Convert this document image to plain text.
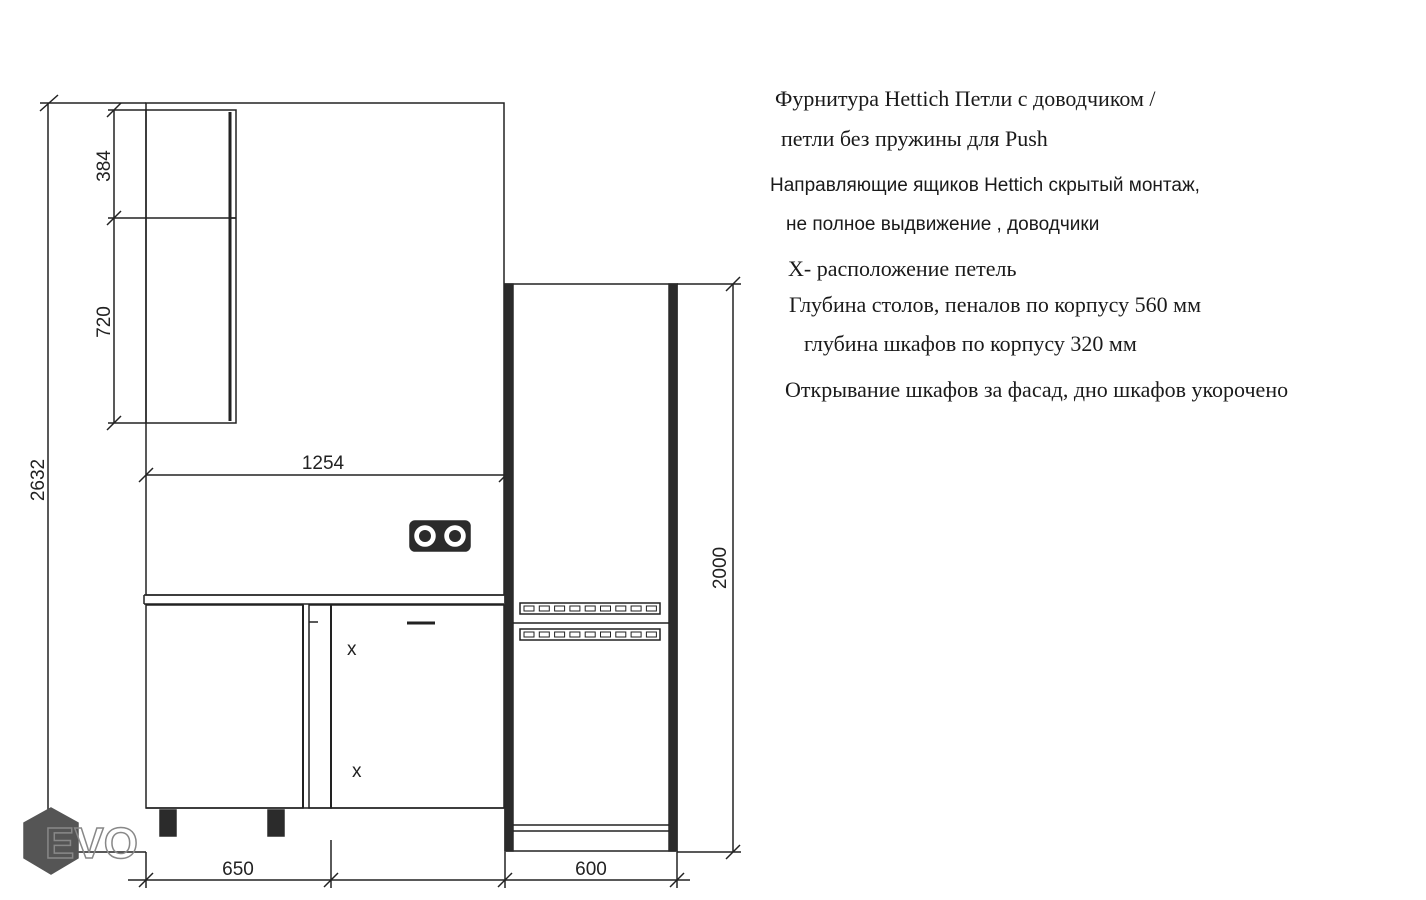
2632
384
720
1254
2000
650	600
x
x
EVO
Фурнитура Hettich Петли с доводчиком /
петли без пружины для Push
Направляющие ящиков Hettich скрытый монтаж,
не полное выдвижение , доводчики
X- расположение петель
Глубина столов, пеналов по корпусу 560 мм
глубина шкафов по корпусу 320 мм
Открывание шкафов за фасад, дно шкафов укорочено
